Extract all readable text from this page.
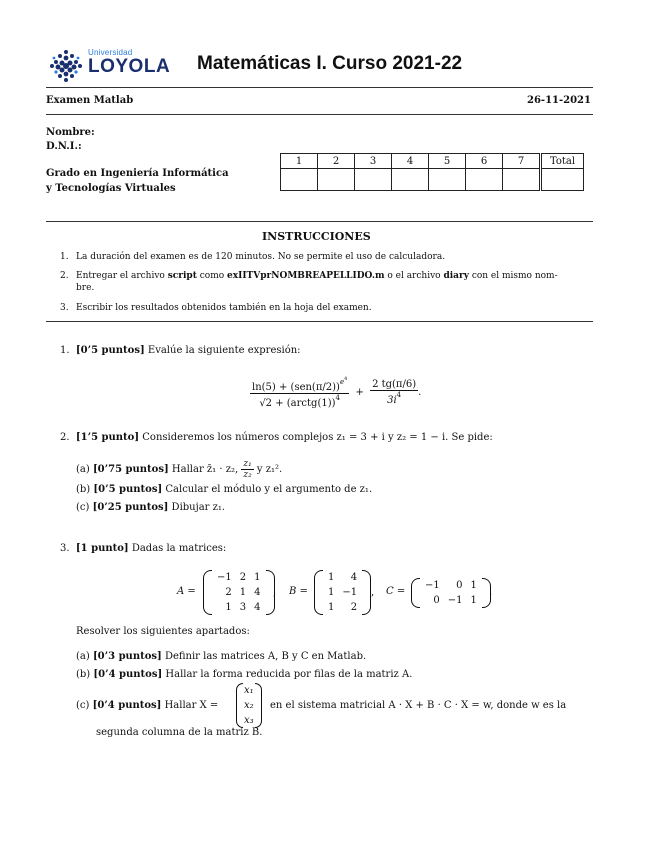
Universidad
LOYOLA Matemáticas I. Curso 2021-22
Examen Matlab	26-11-2021
Nombre:
D.N.I.:
Grado en Ingeniería Informática
y Tecnologías Virtuales
1	2	3	4	5	6	7	Total

INSTRUCCIONES
1. La duración del examen es de 120 minutos. No se permite el uso de calculadora.
2. Entregar el archivo script como exIITVprNOMBREAPELLIDO.m o el archivo diary con el mismo nom-
bre.
3. Escribir los resultados obtenidos también en la hoja del examen.
1. [0’5 puntos] Evalúe la siguiente expresión:
$\frac{\ln(5) + (sen(\pi/2))^{e^4}}{√2 + (arctg(1))^4} + \frac{2 tg(\pi/6)}{3i^4}$ .
2. [1’5 punto] Consideremos los números complejos z₁ = 3 + i y z₂ = 1 − i. Se pide:
(a) [0’75 puntos] Hallar z̄₁ · z₂, $\frac{\text{z₁}}{\text{z₂}}$ y z₁².
(b) [0’5 puntos] Calcular el módulo y el argumento de z₁.
(c) [0’25 puntos] Dibujar z₁.
3. [1 punto] Dadas la matrices:
A =
−1	2	1
2	1	4
1	3	4
, B =
1	4
1	−1
1	2
, C =
−1	0	1
0	−1	1
.
Resolver los siguientes apartados:
(a) [0’3 puntos] Definir las matrices A, B y C en Matlab.
(b) [0’4 puntos] Hallar la forma reducida por filas de la matriz A.
(c) [0’4 puntos] Hallar X =
x₁
x₂
x₃
en el sistema matricial A · X + B · C · X = w, donde w es la
segunda columna de la matriz B.
